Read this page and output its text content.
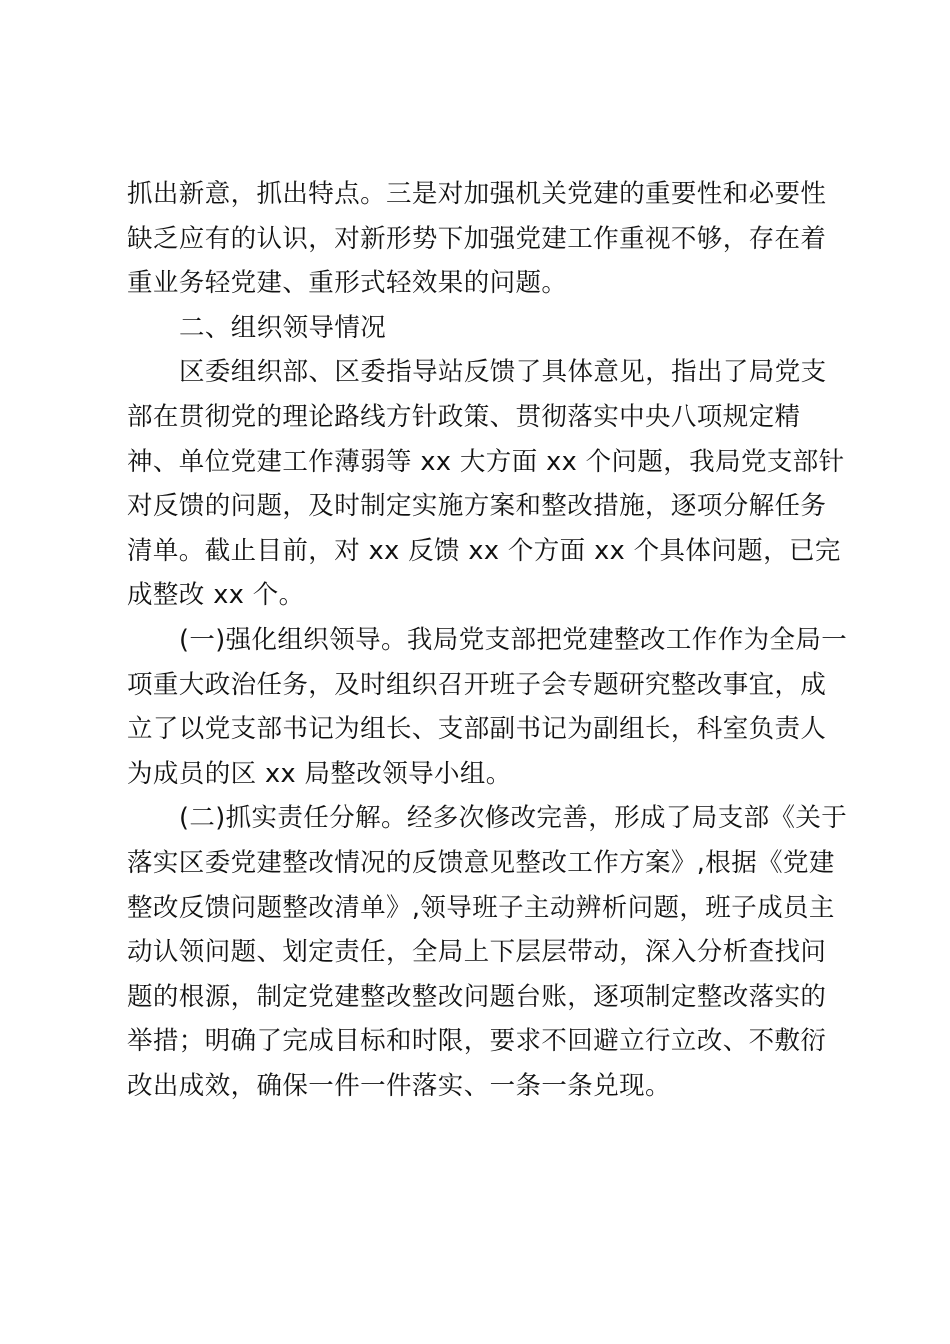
抓出新意，抓出特点。三是对加强机关党建的重要性和必要性
缺乏应有的认识，对新形势下加强党建工作重视不够，存在着
重业务轻党建、重形式轻效果的问题。
二、组织领导情况
区委组织部、区委指导站反馈了具体意见，指出了局党支
部在贯彻党的理论路线方针政策、贯彻落实中央八项规定精
神、单位党建工作薄弱等 xx 大方面 xx 个问题，我局党支部针
对反馈的问题，及时制定实施方案和整改措施，逐项分解任务
清单。截止目前，对 xx 反馈 xx 个方面 xx 个具体问题，已完
成整改 xx 个。
(一)强化组织领导。我局党支部把党建整改工作作为全局一
项重大政治任务，及时组织召开班子会专题研究整改事宜，成
立了以党支部书记为组长、支部副书记为副组长，科室负责人
为成员的区 xx 局整改领导小组。
(二)抓实责任分解。经多次修改完善，形成了局支部《关于
落实区委党建整改情况的反馈意见整改工作方案》,根据《党建
整改反馈问题整改清单》,领导班子主动辨析问题，班子成员主
动认领问题、划定责任，全局上下层层带动，深入分析查找问
题的根源，制定党建整改整改问题台账，逐项制定整改落实的
举措；明确了完成目标和时限，要求不回避立行立改、不敷衍
改出成效，确保一件一件落实、一条一条兑现。
